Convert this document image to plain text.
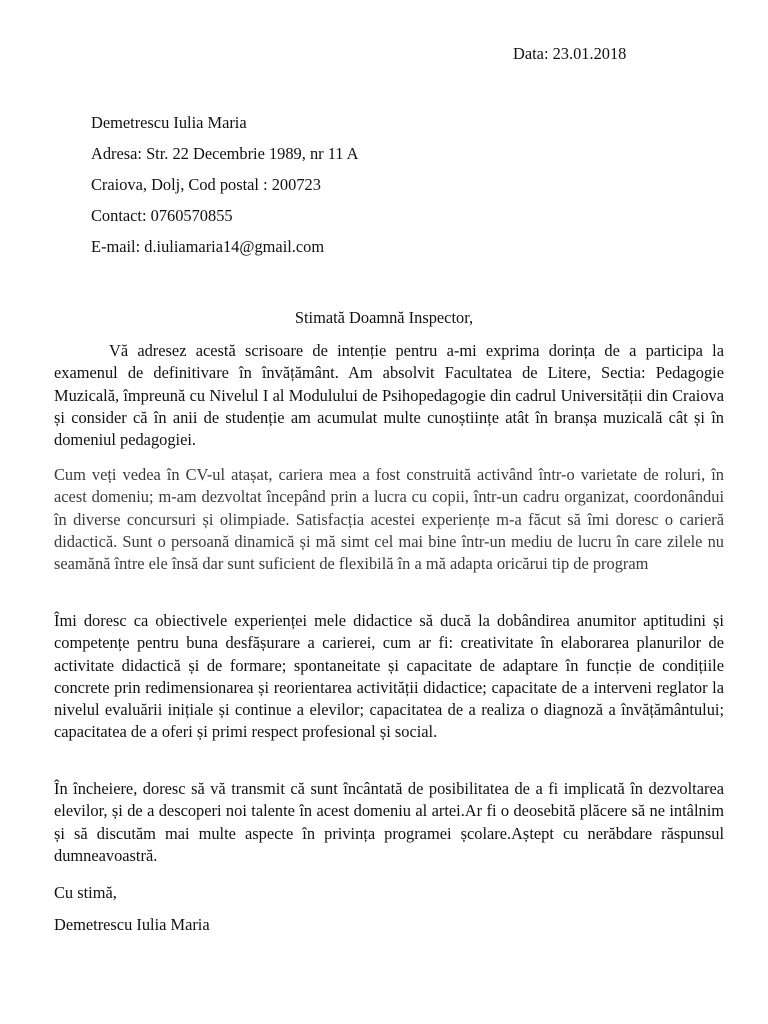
Data: 23.01.2018

Demetrescu Iulia Maria

Adresa: Str. 22 Decembrie 1989, nr 11 A

Craiova, Dolj, Cod postal : 200723

Contact: 0760570855

E-mail: d.iuliamaria14@gmail.com

Stimată Doamnă Inspector,

Vă adresez acestă scrisoare de intenție pentru a-mi exprima dorința de a participa la examenul de definitivare în învățământ. Am absolvit Facultatea de Litere, Sectia: Pedagogie Muzicală, împreună cu Nivelul I al Modulului de Psihopedagogie din cadrul Universității din Craiova și consider că în anii de studenție am acumulat multe cunoștiințe atât în branșa muzicală cât și în domeniul pedagogiei.

Cum veți vedea în CV-ul atașat, cariera mea a fost construită activând într-o varietate de roluri, în acest domeniu; m-am dezvoltat începând prin a lucra cu copii, într-un cadru organizat, coordonândui în diverse concursuri și olimpiade. Satisfacția acestei experiențe m-a făcut să îmi doresc o carieră didactică. Sunt o persoană dinamică și mă simt cel mai bine într-un mediu de lucru în care zilele nu seamănă între ele însă dar sunt suficient de flexibilă în a mă adapta oricărui tip de program

Îmi doresc ca obiectivele experienței mele didactice să ducă la dobândirea anumitor aptitudini și competențe pentru buna desfășurare a carierei, cum ar fi: creativitate în elaborarea planurilor de activitate didactică și de formare; spontaneitate și capacitate de adaptare în funcție de condițiile concrete prin redimensionarea și reorientarea activității didactice; capacitate de a interveni reglator la nivelul evaluării inițiale și continue a elevilor; capacitatea de a realiza o diagnoză a învățământului; capacitatea de a oferi și primi respect profesional și social.

În încheiere, doresc să vă transmit că sunt încântată de posibilitatea de a fi implicată în dezvoltarea elevilor, și de a descoperi noi talente în acest domeniu al artei.Ar fi o deosebită plăcere să ne intâlnim și să discutăm mai multe aspecte în privința programei școlare.Aștept cu nerăbdare răspunsul dumneavoastră.

Cu stimă,
Demetrescu Iulia Maria
